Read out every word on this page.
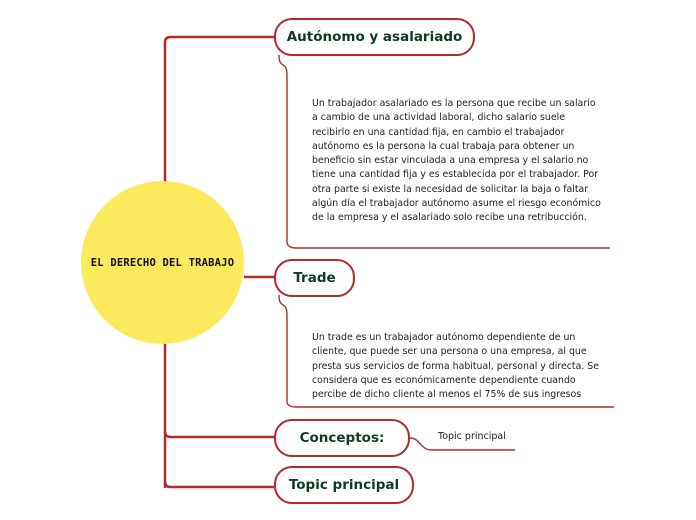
EL DERECHO DEL TRABAJO
Autónomo y asalariado
Un trabajador asalariado es la persona que recibe un salario
a cambio de una actividad laboral, dicho salario suele
recibirlo en una cantidad fija, en cambio el trabajador
autónomo es la persona la cual trabaja para obtener un
beneficio sin estar vinculada a una empresa y el salario no
tiene una cantidad fija y es establecida por el trabajador. Por
otra parte si existe la necesidad de solicitar la baja o faltar
algún día el trabajador autónomo asume el riesgo económico
de la empresa y el asalariado solo recibe una retribucción.
Trade
Un trade es un trabajador autónomo dependiente de un
cliente, que puede ser una persona o una empresa, al que
presta sus servicios de forma habitual, personal y directa. Se
considera que es económicamente dependiente cuando
percibe de dicho cliente al menos el 75% de sus ingresos
Conceptos:	Topic principal
Topic principal
